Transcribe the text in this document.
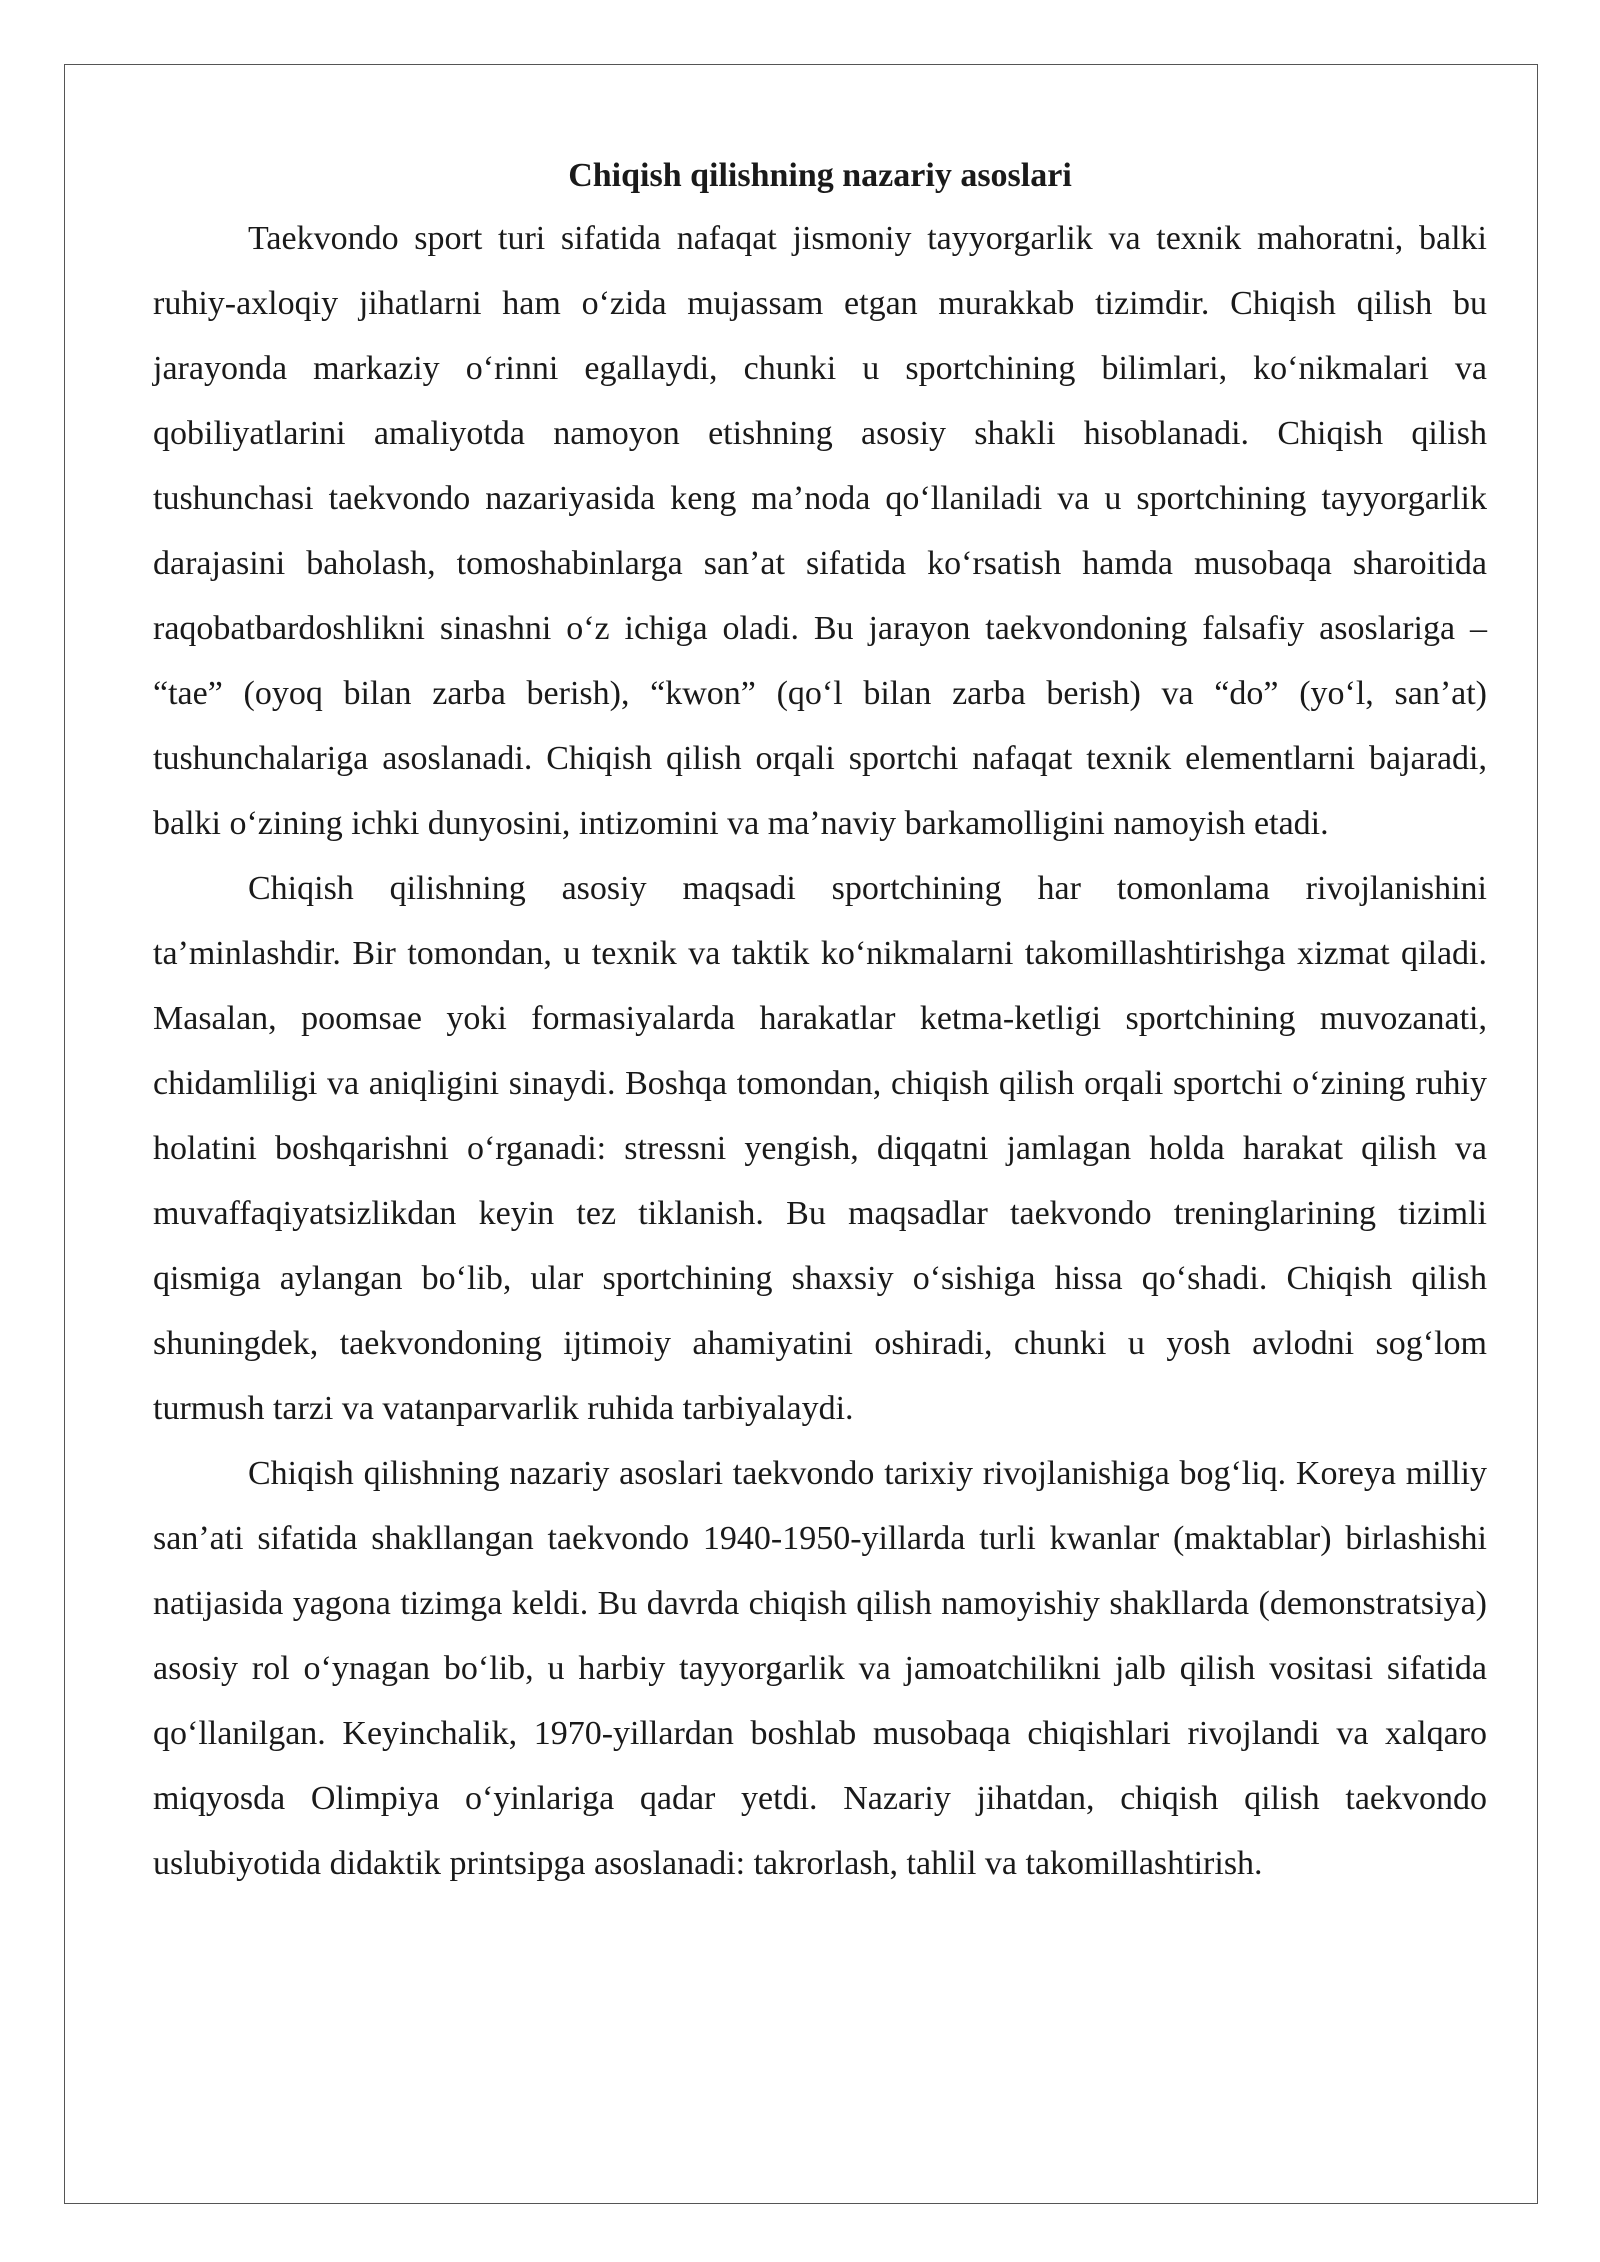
Chiqish qilishning nazariy asoslari

Taekvondo sport turi sifatida nafaqat jismoniy tayyorgarlik va texnik mahoratni, balki ruhiy-axloqiy jihatlarni ham oʻzida mujassam etgan murakkab tizimdir. Chiqish qilish bu jarayonda markaziy oʻrinni egallaydi, chunki u sportchining bilimlari, koʻnikmalari va qobiliyatlarini amaliyotda namoyon etishning asosiy shakli hisoblanadi. Chiqish qilish tushunchasi taekvondo nazariyasida keng maʼnoda qoʻllaniladi va u sportchining tayyorgarlik darajasini baholash, tomoshabinlarga sanʼat sifatida koʻrsatish hamda musobaqa sharoitida raqobatbardoshlikni sinashni oʻz ichiga oladi. Bu jarayon taekvondoning falsafiy asoslariga – “tae” (oyoq bilan zarba berish), “kwon” (qoʻl bilan zarba berish) va “do” (yoʻl, sanʼat) tushunchalariga asoslanadi. Chiqish qilish orqali sportchi nafaqat texnik elementlarni bajaradi, balki oʻzining ichki dunyosini, intizomini va maʼnaviy barkamolligini namoyish etadi.

Chiqish qilishning asosiy maqsadi sportchining har tomonlama rivojlanishini taʼminlashdir. Bir tomondan, u texnik va taktik koʻnikmalarni takomillashtirishga xizmat qiladi. Masalan, poomsae yoki formasiyalarda harakatlar ketma-ketligi sportchining muvozanati, chidamliligi va aniqligini sinaydi. Boshqa tomondan, chiqish qilish orqali sportchi oʻzining ruhiy holatini boshqarishni oʻrganadi: stressni yengish, diqqatni jamlagan holda harakat qilish va muvaffaqiyatsizlikdan keyin tez tiklanish. Bu maqsadlar taekvondo treninglarining tizimli qismiga aylangan boʻlib, ular sportchining shaxsiy oʻsishiga hissa qoʻshadi. Chiqish qilish shuningdek, taekvondoning ijtimoiy ahamiyatini oshiradi, chunki u yosh avlodni sogʻlom turmush tarzi va vatanparvarlik ruhida tarbiyalaydi.

Chiqish qilishning nazariy asoslari taekvondo tarixiy rivojlanishiga bogʻliq. Koreya milliy sanʼati sifatida shakllangan taekvondo 1940-1950-yillarda turli kwanlar (maktablar) birlashishi natijasida yagona tizimga keldi. Bu davrda chiqish qilish namoyishiy shakllarda (demonstratsiya) asosiy rol oʻynagan boʻlib, u harbiy tayyorgarlik va jamoatchilikni jalb qilish vositasi sifatida qoʻllanilgan. Keyinchalik, 1970-yillardan boshlab musobaqa chiqishlari rivojlandi va xalqaro miqyosda Olimpiya oʻyinlariga qadar yetdi. Nazariy jihatdan, chiqish qilish taekvondo uslubiyotida didaktik printsipga asoslanadi: takrorlash, tahlil va takomillashtirish.
